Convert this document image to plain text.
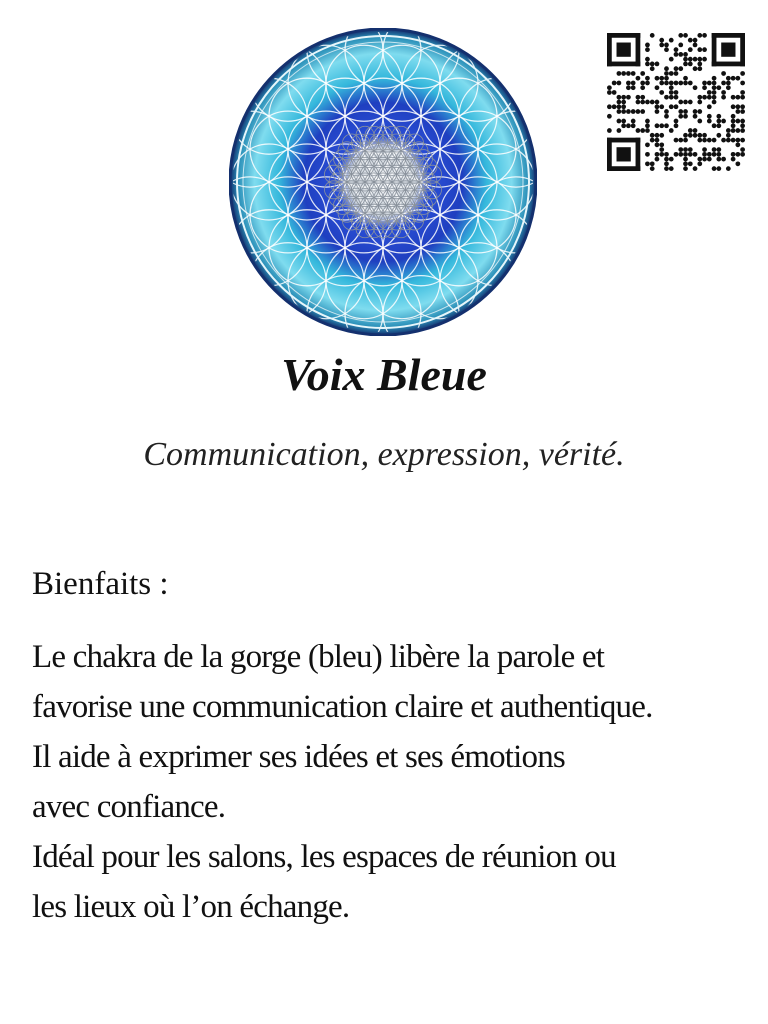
Voix Bleue

Communication, expression, vérité.

Bienfaits :

Le chakra de la gorge (bleu) libère la parole et
favorise une communication claire et authentique.
Il aide à exprimer ses idées et ses émotions
avec confiance.
Idéal pour les salons, les espaces de réunion ou
les lieux où l’on échange.
